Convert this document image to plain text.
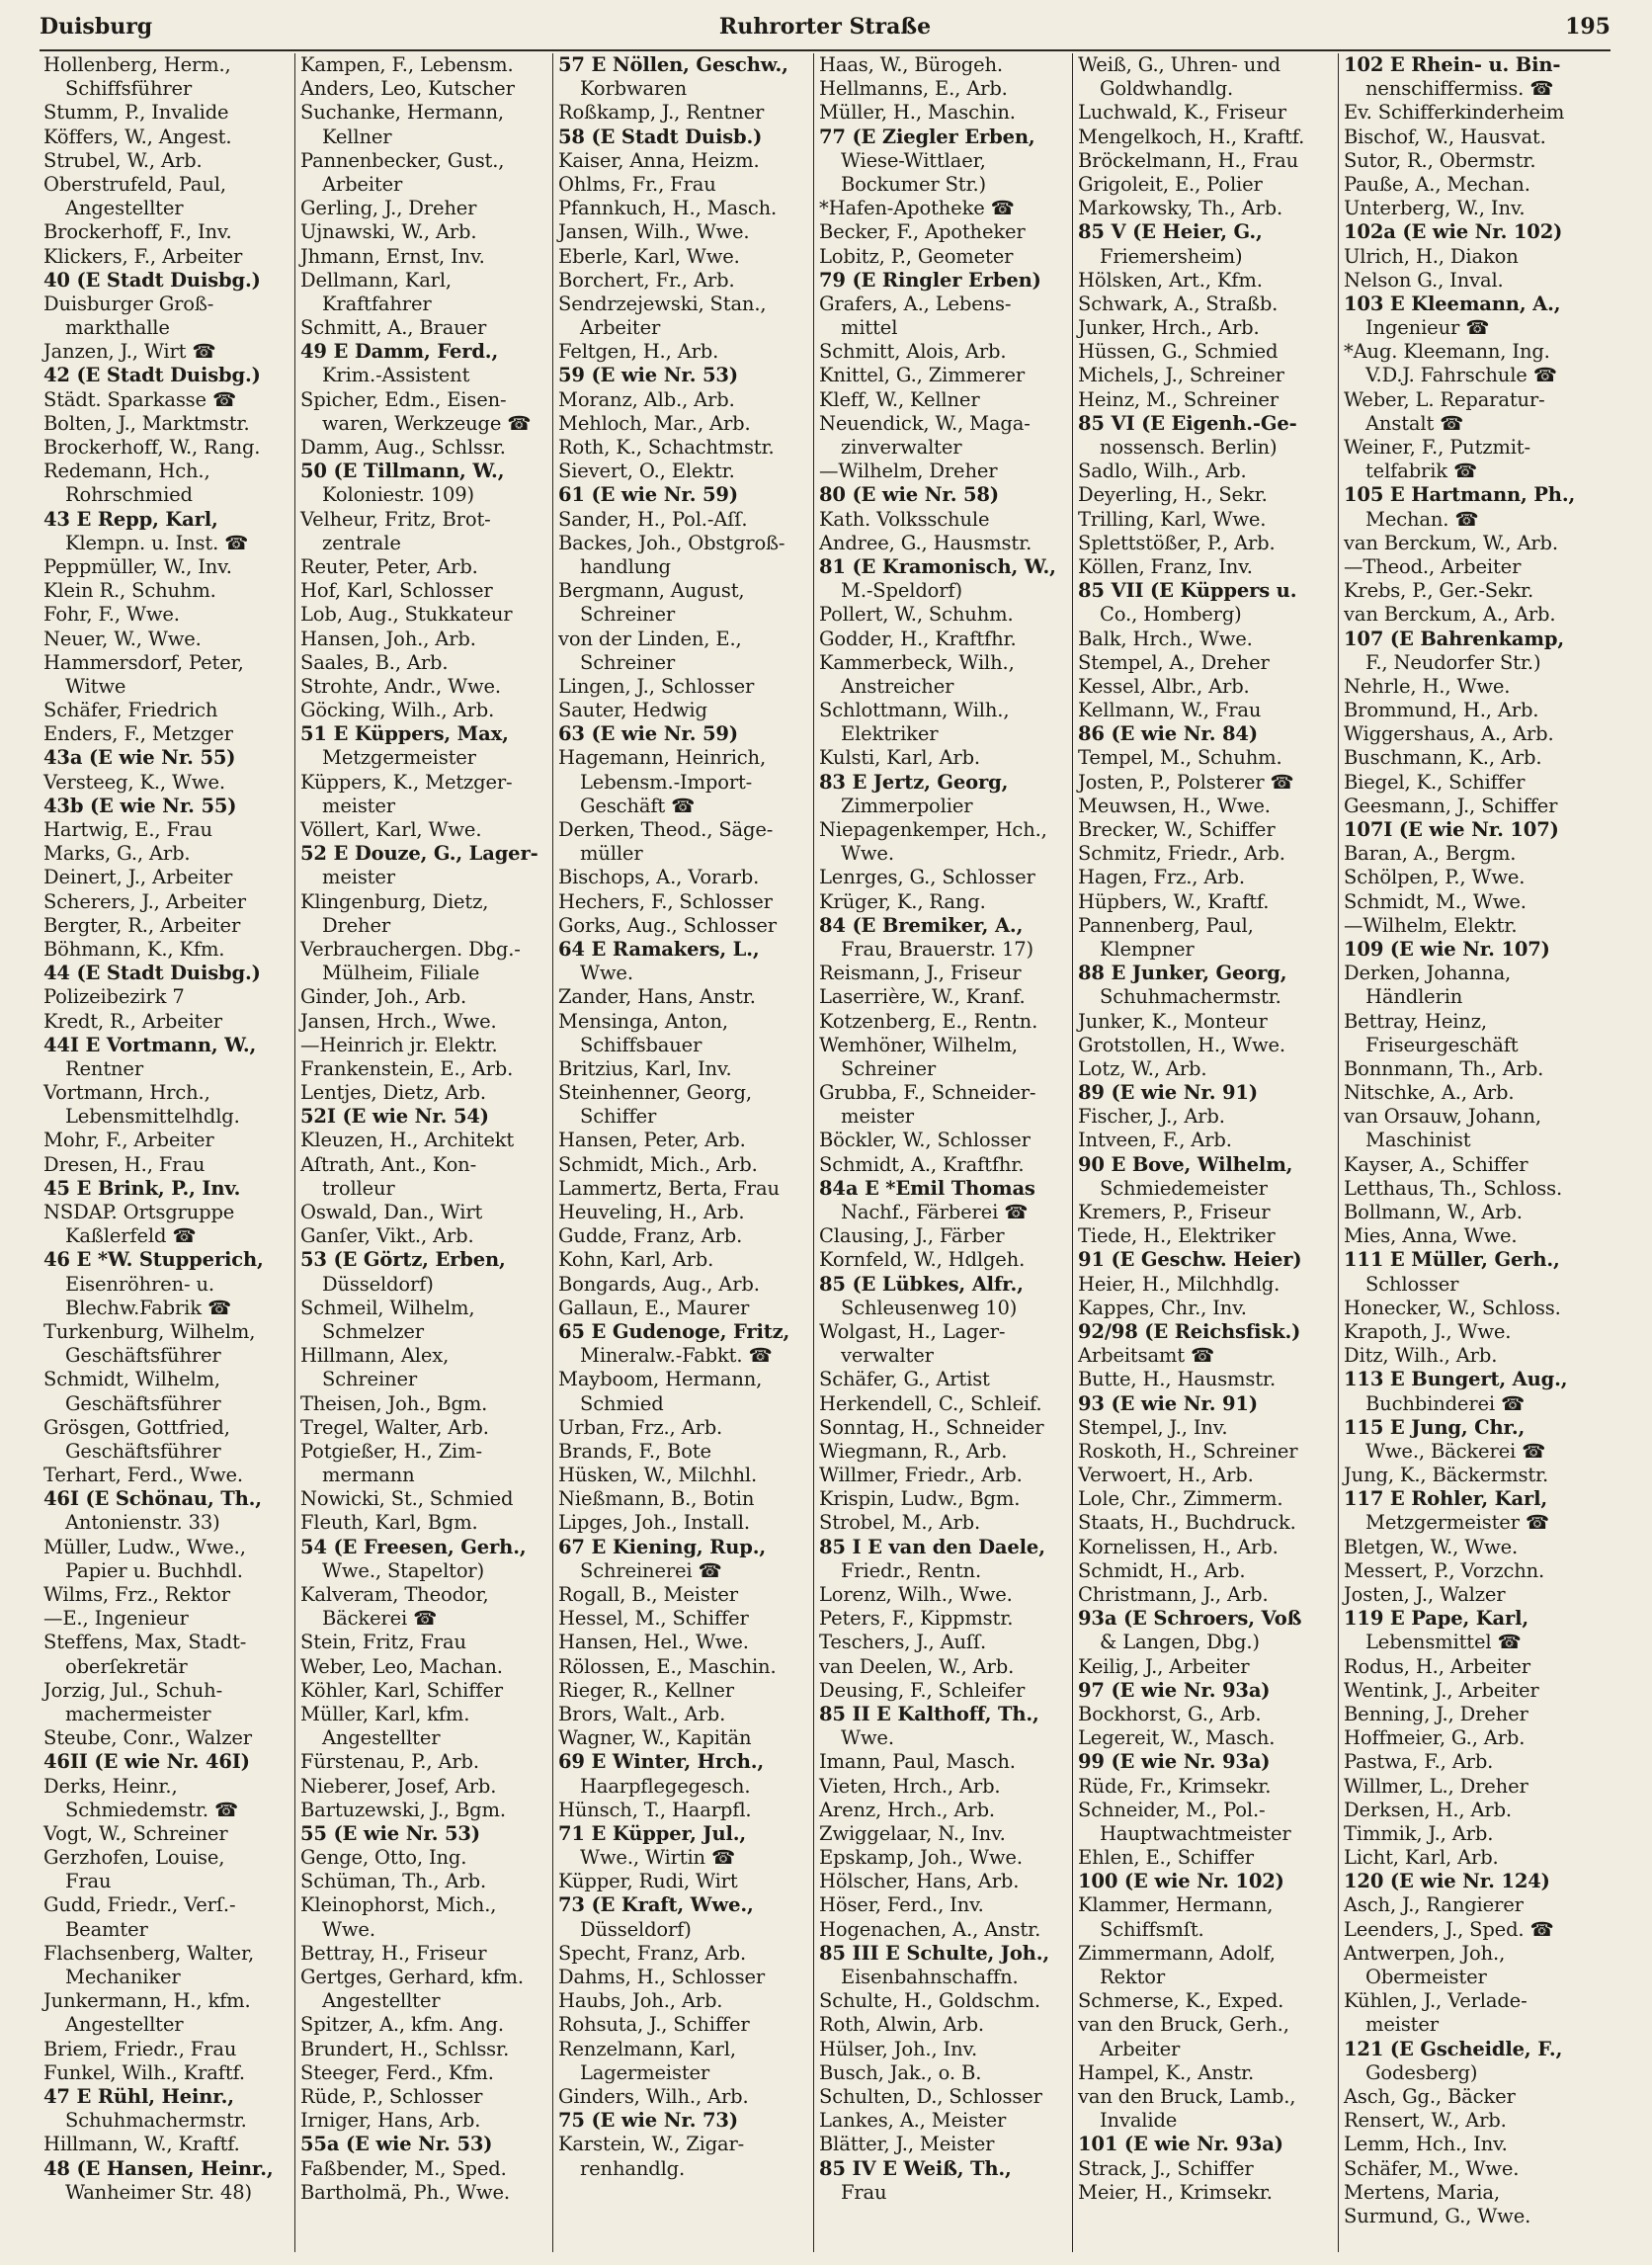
Duisburg	Ruhrorter Straße	195
Hollenberg, Herm.,
Schiffsführer
Stumm, P., Invalide
Köffers, W., Angest.
Strubel, W., Arb.
Oberstrufeld, Paul,
Angestellter
Brockerhoff, F., Inv.
Klickers, F., Arbeiter
40 (E Stadt Duisbg.)
Duisburger Groß-
markthalle
Janzen, J., Wirt ☎
42 (E Stadt Duisbg.)
Städt. Sparkasse ☎
Bolten, J., Marktmstr.
Brockerhoff, W., Rang.
Redemann, Hch.,
Rohrschmied
43 E Repp, Karl,
Klempn. u. Inst. ☎
Peppmüller, W., Inv.
Klein R., Schuhm.
Fohr, F., Wwe.
Neuer, W., Wwe.
Hammersdorf, Peter,
Witwe
Schäfer, Friedrich
Enders, F., Metzger
43a (E wie Nr. 55)
Versteeg, K., Wwe.
43b (E wie Nr. 55)
Hartwig, E., Frau
Marks, G., Arb.
Deinert, J., Arbeiter
Scherers, J., Arbeiter
Bergter, R., Arbeiter
Böhmann, K., Kfm.
44 (E Stadt Duisbg.)
Polizeibezirk 7
Kredt, R., Arbeiter
44I E Vortmann, W.,
Rentner
Vortmann, Hrch.,
Lebensmittelhdlg.
Mohr, F., Arbeiter
Dresen, H., Frau
45 E Brink, P., Inv.
NSDAP. Ortsgruppe
Kaßlerfeld ☎
46 E *W. Stupperich,
Eisenröhren- u.
Blechw.Fabrik ☎
Turkenburg, Wilhelm,
Geschäftsführer
Schmidt, Wilhelm,
Geschäftsführer
Grösgen, Gottfried,
Geschäftsführer
Terhart, Ferd., Wwe.
46I (E Schönau, Th.,
Antonienstr. 33)
Müller, Ludw., Wwe.,
Papier u. Buchhdl.
Wilms, Frz., Rektor
—E., Ingenieur
Steffens, Max, Stadt-
oberſekretär
Jorzig, Jul., Schuh-
machermeister
Steube, Conr., Walzer
46II (E wie Nr. 46I)
Derks, Heinr.,
Schmiedemstr. ☎
Vogt, W., Schreiner
Gerzhofen, Louise,
Frau
Gudd, Friedr., Verſ.-
Beamter
Flachsenberg, Walter,
Mechaniker
Junkermann, H., kfm.
Angestellter
Briem, Friedr., Frau
Funkel, Wilh., Kraftf.
47 E Rühl, Heinr.,
Schuhmachermstr.
Hillmann, W., Kraftf.
48 (E Hansen, Heinr.,
Wanheimer Str. 48)
Kampen, F., Lebensm.
Anders, Leo, Kutscher
Suchanke, Hermann,
Kellner
Pannenbecker, Gust.,
Arbeiter
Gerling, J., Dreher
Ujnawski, W., Arb.
Jhmann, Ernst, Inv.
Dellmann, Karl,
Kraftfahrer
Schmitt, A., Brauer
49 E Damm, Ferd.,
Krim.-Assistent
Spicher, Edm., Eisen-
waren, Werkzeuge ☎
Damm, Aug., Schlssr.
50 (E Tillmann, W.,
Koloniestr. 109)
Velheur, Fritz, Brot-
zentrale
Reuter, Peter, Arb.
Hof, Karl, Schlosser
Lob, Aug., Stukkateur
Hansen, Joh., Arb.
Saales, B., Arb.
Strohte, Andr., Wwe.
Göcking, Wilh., Arb.
51 E Küppers, Max,
Metzgermeister
Küppers, K., Metzger-
meister
Völlert, Karl, Wwe.
52 E Douze, G., Lager-
meister
Klingenburg, Dietz,
Dreher
Verbrauchergen. Dbg.-
Mülheim, Filiale
Ginder, Joh., Arb.
Jansen, Hrch., Wwe.
—Heinrich jr. Elektr.
Frankenstein, E., Arb.
Lentjes, Dietz, Arb.
52I (E wie Nr. 54)
Kleuzen, H., Architekt
Aſtrath, Ant., Kon-
trolleur
Oswald, Dan., Wirt
Ganſer, Vikt., Arb.
53 (E Görtz, Erben,
Düsseldorf)
Schmeil, Wilhelm,
Schmelzer
Hillmann, Alex,
Schreiner
Theisen, Joh., Bgm.
Tregel, Walter, Arb.
Potgießer, H., Zim-
mermann
Nowicki, St., Schmied
Fleuth, Karl, Bgm.
54 (E Freesen, Gerh.,
Wwe., Stapeltor)
Kalveram, Theodor,
Bäckerei ☎
Stein, Fritz, Frau
Weber, Leo, Machan.
Köhler, Karl, Schiffer
Müller, Karl, kfm.
Angestellter
Fürstenau, P., Arb.
Nieberer, Josef, Arb.
Bartuzewski, J., Bgm.
55 (E wie Nr. 53)
Genge, Otto, Ing.
Schüman, Th., Arb.
Kleinophorst, Mich.,
Wwe.
Bettray, H., Friseur
Gertges, Gerhard, kfm.
Angestellter
Spitzer, A., kfm. Ang.
Brundert, H., Schlssr.
Steeger, Ferd., Kfm.
Rüde, P., Schlosser
Irniger, Hans, Arb.
55a (E wie Nr. 53)
Faßbender, M., Sped.
Bartholmä, Ph., Wwe.
57 E Nöllen, Geschw.,
Korbwaren
Roßkamp, J., Rentner
58 (E Stadt Duisb.)
Kaiser, Anna, Heizm.
Ohlms, Fr., Frau
Pfannkuch, H., Masch.
Jansen, Wilh., Wwe.
Eberle, Karl, Wwe.
Borchert, Fr., Arb.
Sendrzejewski, Stan.,
Arbeiter
Feltgen, H., Arb.
59 (E wie Nr. 53)
Moranz, Alb., Arb.
Mehloch, Mar., Arb.
Roth, K., Schachtmstr.
Sievert, O., Elektr.
61 (E wie Nr. 59)
Sander, H., Pol.-Aſſ.
Backes, Joh., Obstgroß-
handlung
Bergmann, August,
Schreiner
von der Linden, E.,
Schreiner
Lingen, J., Schlosser
Sauter, Hedwig
63 (E wie Nr. 59)
Hagemann, Heinrich,
Lebensm.-Import-
Geschäft ☎
Derken, Theod., Säge-
müller
Bischops, A., Vorarb.
Hechers, F., Schlosser
Gorks, Aug., Schlosser
64 E Ramakers, L.,
Wwe.
Zander, Hans, Anstr.
Mensinga, Anton,
Schiffsbauer
Britzius, Karl, Inv.
Steinhenner, Georg,
Schiffer
Hansen, Peter, Arb.
Schmidt, Mich., Arb.
Lammertz, Berta, Frau
Heuveling, H., Arb.
Gudde, Franz, Arb.
Kohn, Karl, Arb.
Bongards, Aug., Arb.
Gallaun, E., Maurer
65 E Gudenoge, Fritz,
Mineralw.-Fabkt. ☎
Mayboom, Hermann,
Schmied
Urban, Frz., Arb.
Brands, F., Bote
Hüsken, W., Milchhl.
Nießmann, B., Botin
Lipges, Joh., Install.
67 E Kiening, Rup.,
Schreinerei ☎
Rogall, B., Meister
Hessel, M., Schiffer
Hansen, Hel., Wwe.
Rölossen, E., Maschin.
Rieger, R., Kellner
Brors, Walt., Arb.
Wagner, W., Kapitän
69 E Winter, Hrch.,
Haarpflegegesch.
Hünsch, T., Haarpfl.
71 E Küpper, Jul.,
Wwe., Wirtin ☎
Küpper, Rudi, Wirt
73 (E Kraft, Wwe.,
Düsseldorf)
Specht, Franz, Arb.
Dahms, H., Schlosser
Haubs, Joh., Arb.
Rohsuta, J., Schiffer
Renzelmann, Karl,
Lagermeister
Ginders, Wilh., Arb.
75 (E wie Nr. 73)
Karstein, W., Zigar-
renhandlg.
Haas, W., Bürogeh.
Hellmanns, E., Arb.
Müller, H., Maschin.
77 (E Ziegler Erben,
Wiese-Wittlaer,
Bockumer Str.)
*Hafen-Apotheke ☎
Becker, F., Apotheker
Lobitz, P., Geometer
79 (E Ringler Erben)
Grafers, A., Lebens-
mittel
Schmitt, Alois, Arb.
Knittel, G., Zimmerer
Kleff, W., Kellner
Neuendick, W., Maga-
zinverwalter
—Wilhelm, Dreher
80 (E wie Nr. 58)
Kath. Volksschule
Andree, G., Hausmstr.
81 (E Kramonisch, W.,
M.-Speldorf)
Pollert, W., Schuhm.
Godder, H., Kraftfhr.
Kammerbeck, Wilh.,
Anstreicher
Schlottmann, Wilh.,
Elektriker
Kulsti, Karl, Arb.
83 E Jertz, Georg,
Zimmerpolier
Niepagenkemper, Hch.,
Wwe.
Lenrges, G., Schlosser
Krüger, K., Rang.
84 (E Bremiker, A.,
Frau, Brauerstr. 17)
Reismann, J., Friseur
Laserrière, W., Kranf.
Kotzenberg, E., Rentn.
Wemhöner, Wilhelm,
Schreiner
Grubba, F., Schneider-
meister
Böckler, W., Schlosser
Schmidt, A., Kraftfhr.
84a E *Emil Thomas
Nachf., Färberei ☎
Clausing, J., Färber
Kornfeld, W., Hdlgeh.
85 (E Lübkes, Alfr.,
Schleusenweg 10)
Wolgast, H., Lager-
verwalter
Schäfer, G., Artist
Herkendell, C., Schleif.
Sonntag, H., Schneider
Wiegmann, R., Arb.
Willmer, Friedr., Arb.
Krispin, Ludw., Bgm.
Strobel, M., Arb.
85 I E van den Daele,
Friedr., Rentn.
Lorenz, Wilh., Wwe.
Peters, F., Kippmstr.
Teschers, J., Auſſ.
van Deelen, W., Arb.
Deusing, F., Schleifer
85 II E Kalthoff, Th.,
Wwe.
Imann, Paul, Masch.
Vieten, Hrch., Arb.
Arenz, Hrch., Arb.
Zwiggelaar, N., Inv.
Epskamp, Joh., Wwe.
Hölscher, Hans, Arb.
Höser, Ferd., Inv.
Hogenachen, A., Anstr.
85 III E Schulte, Joh.,
Eisenbahnschaffn.
Schulte, H., Goldschm.
Roth, Alwin, Arb.
Hülser, Joh., Inv.
Busch, Jak., o. B.
Schulten, D., Schlosser
Lankes, A., Meister
Blätter, J., Meister
85 IV E Weiß, Th.,
Frau
Weiß, G., Uhren- und
Goldwhandlg.
Luchwald, K., Friseur
Mengelkoch, H., Kraftf.
Bröckelmann, H., Frau
Grigoleit, E., Polier
Markowsky, Th., Arb.
85 V (E Heier, G.,
Friemersheim)
Hölsken, Art., Kfm.
Schwark, A., Straßb.
Junker, Hrch., Arb.
Hüssen, G., Schmied
Michels, J., Schreiner
Heinz, M., Schreiner
85 VI (E Eigenh.-Ge-
nossensch. Berlin)
Sadlo, Wilh., Arb.
Deyerling, H., Sekr.
Trilling, Karl, Wwe.
Splettstößer, P., Arb.
Köllen, Franz, Inv.
85 VII (E Küppers u.
Co., Homberg)
Balk, Hrch., Wwe.
Stempel, A., Dreher
Kessel, Albr., Arb.
Kellmann, W., Frau
86 (E wie Nr. 84)
Tempel, M., Schuhm.
Josten, P., Polsterer ☎
Meuwsen, H., Wwe.
Brecker, W., Schiffer
Schmitz, Friedr., Arb.
Hagen, Frz., Arb.
Hüpbers, W., Kraftf.
Pannenberg, Paul,
Klempner
88 E Junker, Georg,
Schuhmachermstr.
Junker, K., Monteur
Grotstollen, H., Wwe.
Lotz, W., Arb.
89 (E wie Nr. 91)
Fischer, J., Arb.
Intveen, F., Arb.
90 E Bove, Wilhelm,
Schmiedemeister
Kremers, P., Friseur
Tiede, H., Elektriker
91 (E Geschw. Heier)
Heier, H., Milchhdlg.
Kappes, Chr., Inv.
92/98 (E Reichsfisk.)
Arbeitsamt ☎
Butte, H., Hausmstr.
93 (E wie Nr. 91)
Stempel, J., Inv.
Roskoth, H., Schreiner
Verwoert, H., Arb.
Lole, Chr., Zimmerm.
Staats, H., Buchdruck.
Kornelissen, H., Arb.
Schmidt, H., Arb.
Christmann, J., Arb.
93a (E Schroers, Voß
& Langen, Dbg.)
Keilig, J., Arbeiter
97 (E wie Nr. 93a)
Bockhorst, G., Arb.
Legereit, W., Masch.
99 (E wie Nr. 93a)
Rüde, Fr., Krimsekr.
Schneider, M., Pol.-
Hauptwachtmeister
Ehlen, E., Schiffer
100 (E wie Nr. 102)
Klammer, Hermann,
Schiffsmſt.
Zimmermann, Adolf,
Rektor
Schmerse, K., Exped.
van den Bruck, Gerh.,
Arbeiter
Hampel, K., Anstr.
van den Bruck, Lamb.,
Invalide
101 (E wie Nr. 93a)
Strack, J., Schiffer
Meier, H., Krimsekr.
102 E Rhein- u. Bin-
nenschiffermiss. ☎
Ev. Schifferkinderheim
Bischof, W., Hausvat.
Sutor, R., Obermstr.
Pauße, A., Mechan.
Unterberg, W., Inv.
102a (E wie Nr. 102)
Ulrich, H., Diakon
Nelson G., Inval.
103 E Kleemann, A.,
Ingenieur ☎
*Aug. Kleemann, Ing.
V.D.J. Fahrschule ☎
Weber, L. Reparatur-
Anstalt ☎
Weiner, F., Putzmit-
telfabrik ☎
105 E Hartmann, Ph.,
Mechan. ☎
van Berckum, W., Arb.
—Theod., Arbeiter
Krebs, P., Ger.-Sekr.
van Berckum, A., Arb.
107 (E Bahrenkamp,
F., Neudorfer Str.)
Nehrle, H., Wwe.
Brommund, H., Arb.
Wiggershaus, A., Arb.
Buschmann, K., Arb.
Biegel, K., Schiffer
Geesmann, J., Schiffer
107I (E wie Nr. 107)
Baran, A., Bergm.
Schölpen, P., Wwe.
Schmidt, M., Wwe.
—Wilhelm, Elektr.
109 (E wie Nr. 107)
Derken, Johanna,
Händlerin
Bettray, Heinz,
Friseurgeschäft
Bonnmann, Th., Arb.
Nitschke, A., Arb.
van Orsauw, Johann,
Maschinist
Kayser, A., Schiffer
Letthaus, Th., Schloss.
Bollmann, W., Arb.
Mies, Anna, Wwe.
111 E Müller, Gerh.,
Schlosser
Honecker, W., Schloss.
Krapoth, J., Wwe.
Ditz, Wilh., Arb.
113 E Bungert, Aug.,
Buchbinderei ☎
115 E Jung, Chr.,
Wwe., Bäckerei ☎
Jung, K., Bäckermstr.
117 E Rohler, Karl,
Metzgermeister ☎
Bletgen, W., Wwe.
Messert, P., Vorzchn.
Josten, J., Walzer
119 E Pape, Karl,
Lebensmittel ☎
Rodus, H., Arbeiter
Wentink, J., Arbeiter
Benning, J., Dreher
Hoffmeier, G., Arb.
Pastwa, F., Arb.
Willmer, L., Dreher
Derksen, H., Arb.
Timmik, J., Arb.
Licht, Karl, Arb.
120 (E wie Nr. 124)
Asch, J., Rangierer
Leenders, J., Sped. ☎
Antwerpen, Joh.,
Obermeister
Kühlen, J., Verlade-
meister
121 (E Gscheidle, F.,
Godesberg)
Asch, Gg., Bäcker
Rensert, W., Arb.
Lemm, Hch., Inv.
Schäfer, M., Wwe.
Mertens, Maria,
Surmund, G., Wwe.
